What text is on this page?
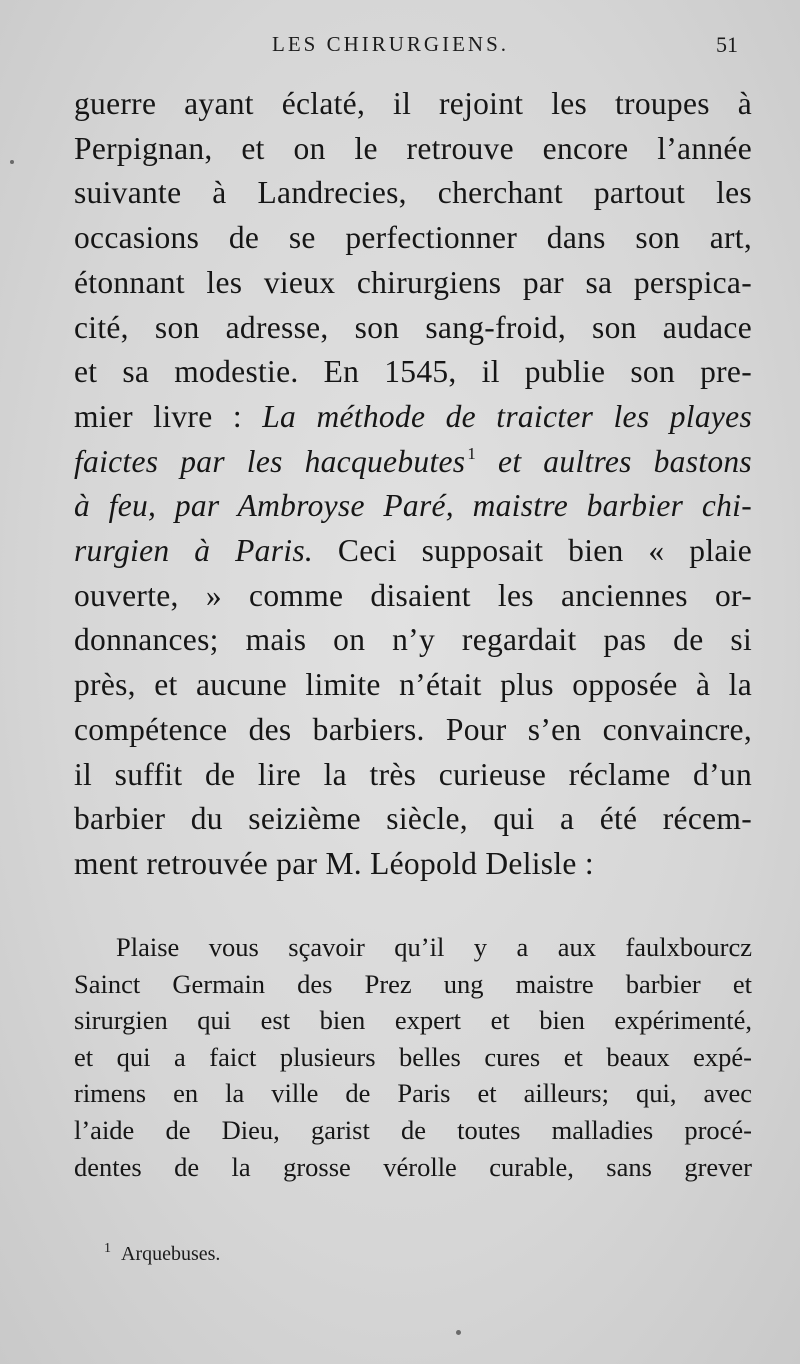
LES CHIRURGIENS.	51
guerre ayant éclaté, il rejoint les troupes à
Perpignan, et on le retrouve encore l’année
suivante à Landrecies, cherchant partout les
occasions de se perfectionner dans son art,
étonnant les vieux chirurgiens par sa perspica-
cité, son adresse, son sang-froid, son audace
et sa modestie. En 1545, il publie son pre-
mier livre : La méthode de traicter les playes
faictes par les hacquebutes $^1$ et aultres bastons
à feu, par Ambroyse Paré, maistre barbier chi-
rurgien à Paris. Ceci supposait bien « plaie
ouverte, » comme disaient les anciennes or-
donnances; mais on n’y regardait pas de si
près, et aucune limite n’était plus opposée à la
compétence des barbiers. Pour s’en convaincre,
il suffit de lire la très curieuse réclame d’un
barbier du seizième siècle, qui a été récem-
ment retrouvée par M. Léopold Delisle :
Plaise vous sçavoir qu’il y a aux faulxbourcz
Sainct Germain des Prez ung maistre barbier et
sirurgien qui est bien expert et bien expérimenté,
et qui a faict plusieurs belles cures et beaux expé-
rimens en la ville de Paris et ailleurs; qui, avec
l’aide de Dieu, garist de toutes malladies procé-
dentes de la grosse vérolle curable, sans grever
$^1$ Arquebuses.
